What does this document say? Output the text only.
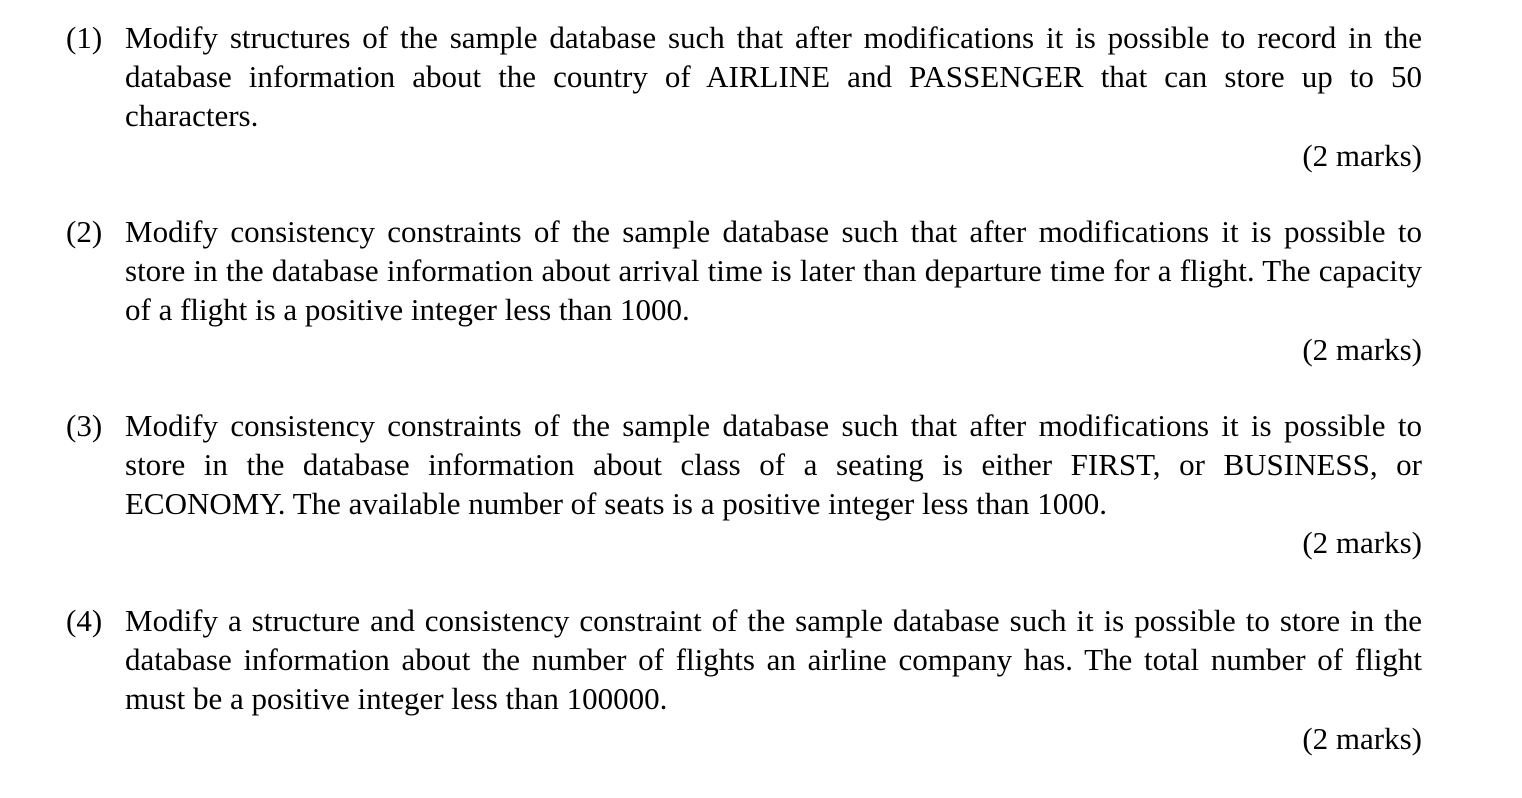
(1) Modify structures of the sample database such that after modifications it is possible to record in the database information about the country of AIRLINE and PASSENGER that can store up to 50 characters.
(2 marks)
(2) Modify consistency constraints of the sample database such that after modifications it is possible to store in the database information about arrival time is later than departure time for a flight. The capacity of a flight is a positive integer less than 1000.
(2 marks)
(3) Modify consistency constraints of the sample database such that after modifications it is possible to store in the database information about class of a seating is either FIRST, or BUSINESS, or ECONOMY. The available number of seats is a positive integer less than 1000.
(2 marks)
(4) Modify a structure and consistency constraint of the sample database such it is possible to store in the database information about the number of flights an airline company has. The total number of flight must be a positive integer less than 100000.
(2 marks)
